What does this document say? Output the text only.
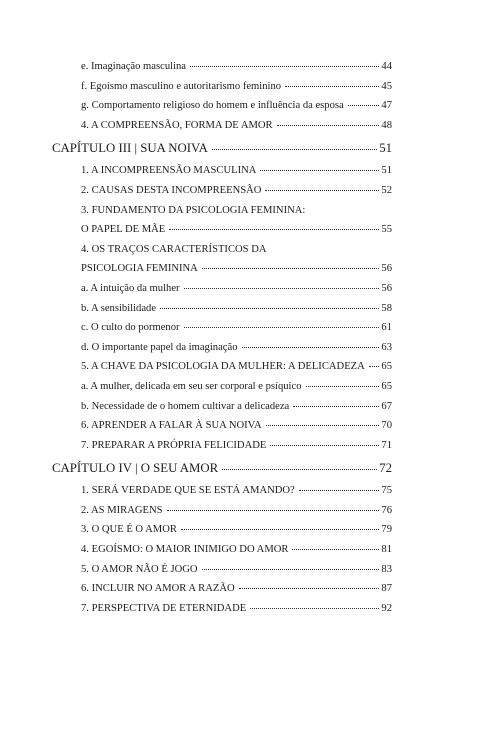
e. Imaginação masculina	44
f. Egoísmo masculino e autoritarismo feminino	45
g. Comportamento religioso do homem e influência da esposa	47
4. A COMPREENSÃO, FORMA DE AMOR	48
CAPÍTULO III | SUA NOIVA	51
1. A INCOMPREENSÃO MASCULINA	51
2. CAUSAS DESTA INCOMPREENSÃO	52
3. FUNDAMENTO DA PSICOLOGIA FEMININA:
O PAPEL DE MÃE	55
4. OS TRAÇOS CARACTERÍSTICOS DA
PSICOLOGIA FEMININA	56
a. A intuição da mulher	56
b. A sensibilidade	58
c. O culto do pormenor	61
d. O importante papel da imaginação	63
5. A CHAVE DA PSICOLOGIA DA MULHER: A DELICADEZA 65
a. A mulher, delicada em seu ser corporal e psíquico	65
b. Necessidade de o homem cultivar a delicadeza	67
6. APRENDER A FALAR À SUA NOIVA	70
7. PREPARAR A PRÓPRIA FELICIDADE	71
CAPÍTULO IV | O SEU AMOR	72
1. SERÁ VERDADE QUE SE ESTÁ AMANDO?	75
2. AS MIRAGENS	76
3. O QUE É O AMOR	79
4. EGOÍSMO: O MAIOR INIMIGO DO AMOR	81
5. O AMOR NÃO É JOGO	83
6. INCLUIR NO AMOR A RAZÃO	87
7. PERSPECTIVA DE ETERNIDADE	92
